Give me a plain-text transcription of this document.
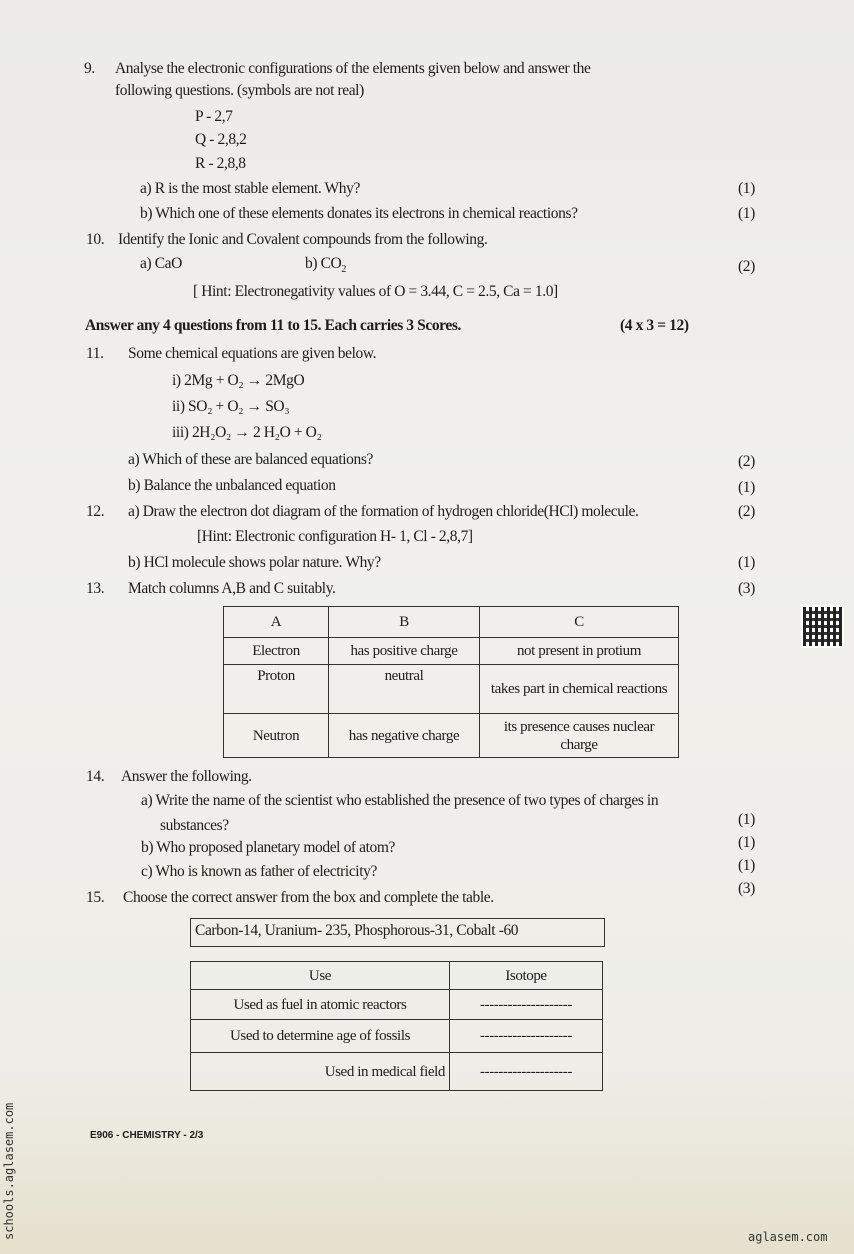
9. Analyse the electronic configurations of the elements given below and answer the
following questions. (symbols are not real)
P - 2,7
Q - 2,8,2
R - 2,8,8
a) R is the most stable element. Why?	(1)
b) Which one of these elements donates its electrons in chemical reactions?	(1)
10. Identify the Ionic and Covalent compounds from the following.
a) CaO	b) $CO_2$	(2)
[ Hint: Electronegativity values of O = 3.44, C = 2.5, Ca = 1.0]
Answer any 4 questions from 11 to 15. Each carries 3 Scores.	(4 x 3 = 12)
11. Some chemical equations are given below.
i) 2Mg + O₂ → 2MgO
ii) SO₂ + O₂ → SO₃
iii) 2H₂O₂ → 2 H₂O + O₂
a) Which of these are balanced equations?	(2)
b) Balance the unbalanced equation	(1)
12. a) Draw the electron dot diagram of the formation of hydrogen chloride(HCl) molecule.	(2)
[Hint: Electronic configuration H- 1, Cl - 2,8,7]
b) HCl molecule shows polar nature. Why?	(1)
13. Match columns A,B and C suitably.	(3)
A	B	C
Electron	has positive charge	not present in protium
Proton	neutral	takes part in chemical reactions
Neutron	has negative charge	its presence causes nuclear charge
14. Answer the following.
a) Write the name of the scientist who established the presence of two types of charges in
substances?	(1)
b) Who proposed planetary model of atom?	(1)
c) Who is known as father of electricity?	(1)
15. Choose the correct answer from the box and complete the table.
(3)
Carbon-14, Uranium- 235, Phosphorous-31, Cobalt -60
Use	Isotope
Used as fuel in atomic reactors	--------------------
Used to determine age of fossils	--------------------
Used in medical field	--------------------
E906 - CHEMISTRY - 2/3
schools.aglasem.com	aglasem.com
